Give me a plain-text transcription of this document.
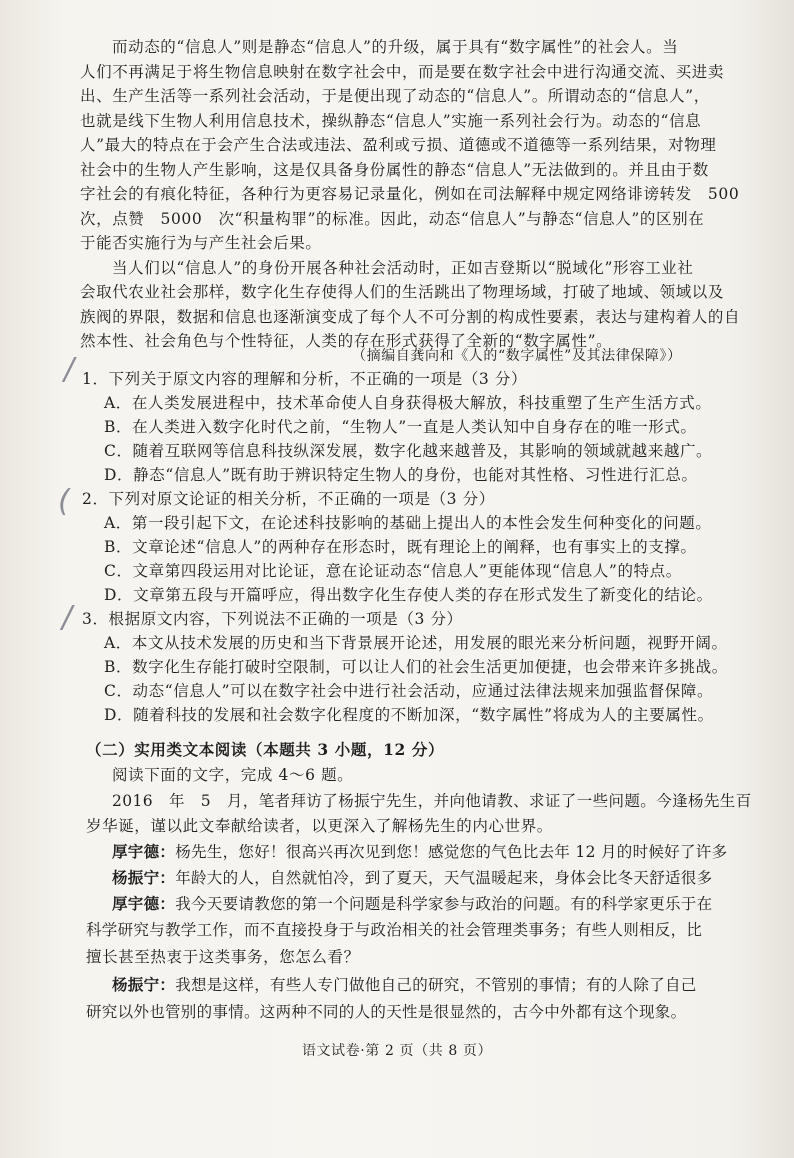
而动态的“信息人”则是静态“信息人”的升级，属于具有“数字属性”的社会人。当
人们不再满足于将生物信息映射在数字社会中，而是要在数字社会中进行沟通交流、买进卖
出、生产生活等一系列社会活动，于是便出现了动态的“信息人”。所谓动态的“信息人”，
也就是线下生物人利用信息技术，操纵静态“信息人”实施一系列社会行为。动态的“信息
人”最大的特点在于会产生合法或违法、盈利或亏损、道德或不道德等一系列结果，对物理
社会中的生物人产生影响，这是仅具备身份属性的静态“信息人”无法做到的。并且由于数
字社会的有痕化特征，各种行为更容易记录量化，例如在司法解释中规定网络诽谤转发　500
次，点赞　5000　次“积量构罪”的标准。因此，动态“信息人”与静态“信息人”的区别在
于能否实施行为与产生社会后果。
当人们以“信息人”的身份开展各种社会活动时，正如吉登斯以“脱域化”形容工业社
会取代农业社会那样，数字化生存使得人们的生活跳出了物理场域，打破了地域、领域以及
族阀的界限，数据和信息也逐渐演变成了每个人不可分割的构成性要素，表达与建构着人的自
然本性、社会角色与个性特征，人类的存在形式获得了全新的“数字属性”。
（摘编自龚向和《人的“数字属性”及其法律保障》）
/
(
/
1．下列关于原文内容的理解和分析，不正确的一项是（3 分）
A．在人类发展进程中，技术革命使人自身获得极大解放，科技重塑了生产生活方式。
B．在人类进入数字化时代之前，“生物人”一直是人类认知中自身存在的唯一形式。
C．随着互联网等信息科技纵深发展，数字化越来越普及，其影响的领域就越来越广。
D．静态“信息人”既有助于辨识特定生物人的身份，也能对其性格、习性进行汇总。
2．下列对原文论证的相关分析，不正确的一项是（3 分）
A．第一段引起下文，在论述科技影响的基础上提出人的本性会发生何种变化的问题。
B．文章论述“信息人”的两种存在形态时，既有理论上的阐释，也有事实上的支撑。
C．文章第四段运用对比论证，意在论证动态“信息人”更能体现“信息人”的特点。
D．文章第五段与开篇呼应，得出数字化生存使人类的存在形式发生了新变化的结论。
3．根据原文内容，下列说法不正确的一项是（3 分）
A．本文从技术发展的历史和当下背景展开论述，用发展的眼光来分析问题，视野开阔。
B．数字化生存能打破时空限制，可以让人们的社会生活更加便捷，也会带来许多挑战。
C．动态“信息人”可以在数字社会中进行社会活动，应通过法律法规来加强监督保障。
D．随着科技的发展和社会数字化程度的不断加深，“数字属性”将成为人的主要属性。
（二）实用类文本阅读（本题共 3 小题，12 分）
阅读下面的文字，完成 4～6 题。
2016　年　5　月，笔者拜访了杨振宁先生，并向他请教、求证了一些问题。今逢杨先生百
岁华诞，谨以此文奉献给读者，以更深入了解杨先生的内心世界。
厚宇德：杨先生，您好！很高兴再次见到您！感觉您的气色比去年 12 月的时候好了许多
杨振宁：年龄大的人，自然就怕冷，到了夏天，天气温暖起来，身体会比冬天舒适很多
厚宇德：我今天要请教您的第一个问题是科学家参与政治的问题。有的科学家更乐于在
科学研究与教学工作，而不直接投身于与政治相关的社会管理类事务；有些人则相反，比
擅长甚至热衷于这类事务，您怎么看？
杨振宁：我想是这样，有些人专门做他自己的研究，不管别的事情；有的人除了自己
研究以外也管别的事情。这两种不同的人的天性是很显然的，古今中外都有这个现象。
语文试卷·第 2 页（共 8 页）
